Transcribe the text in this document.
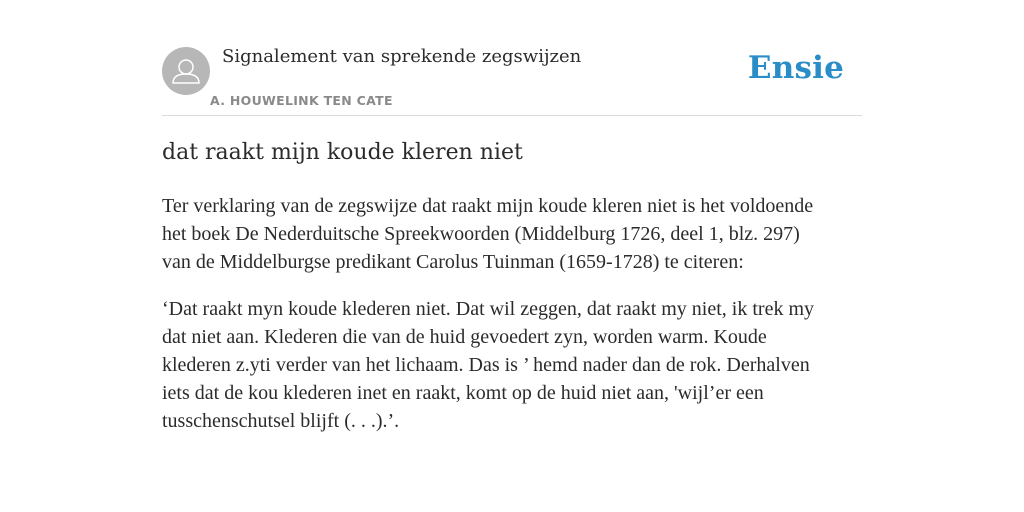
Signalement van sprekende zegswijzen
A. HOUWELINK TEN CATE
Ensie
dat raakt mijn koude kleren niet

Ter verklaring van de zegswijze dat raakt mijn koude kleren niet is het voldoende
het boek De Nederduitsche Spreekwoorden (Middelburg 1726, deel 1, blz. 297)
van de Middelburgse predikant Carolus Tuinman (1659-1728) te citeren:

‘Dat raakt myn koude klederen niet. Dat wil zeggen, dat raakt my niet, ik trek my
dat niet aan. Klederen die van de huid gevoedert zyn, worden warm. Koude
klederen z.yti verder van het lichaam. Das is ’ hemd nader dan de rok. Derhalven
iets dat de kou klederen inet en raakt, komt op de huid niet aan, 'wijl’er een
tusschenschutsel blijft (. . .).’.
